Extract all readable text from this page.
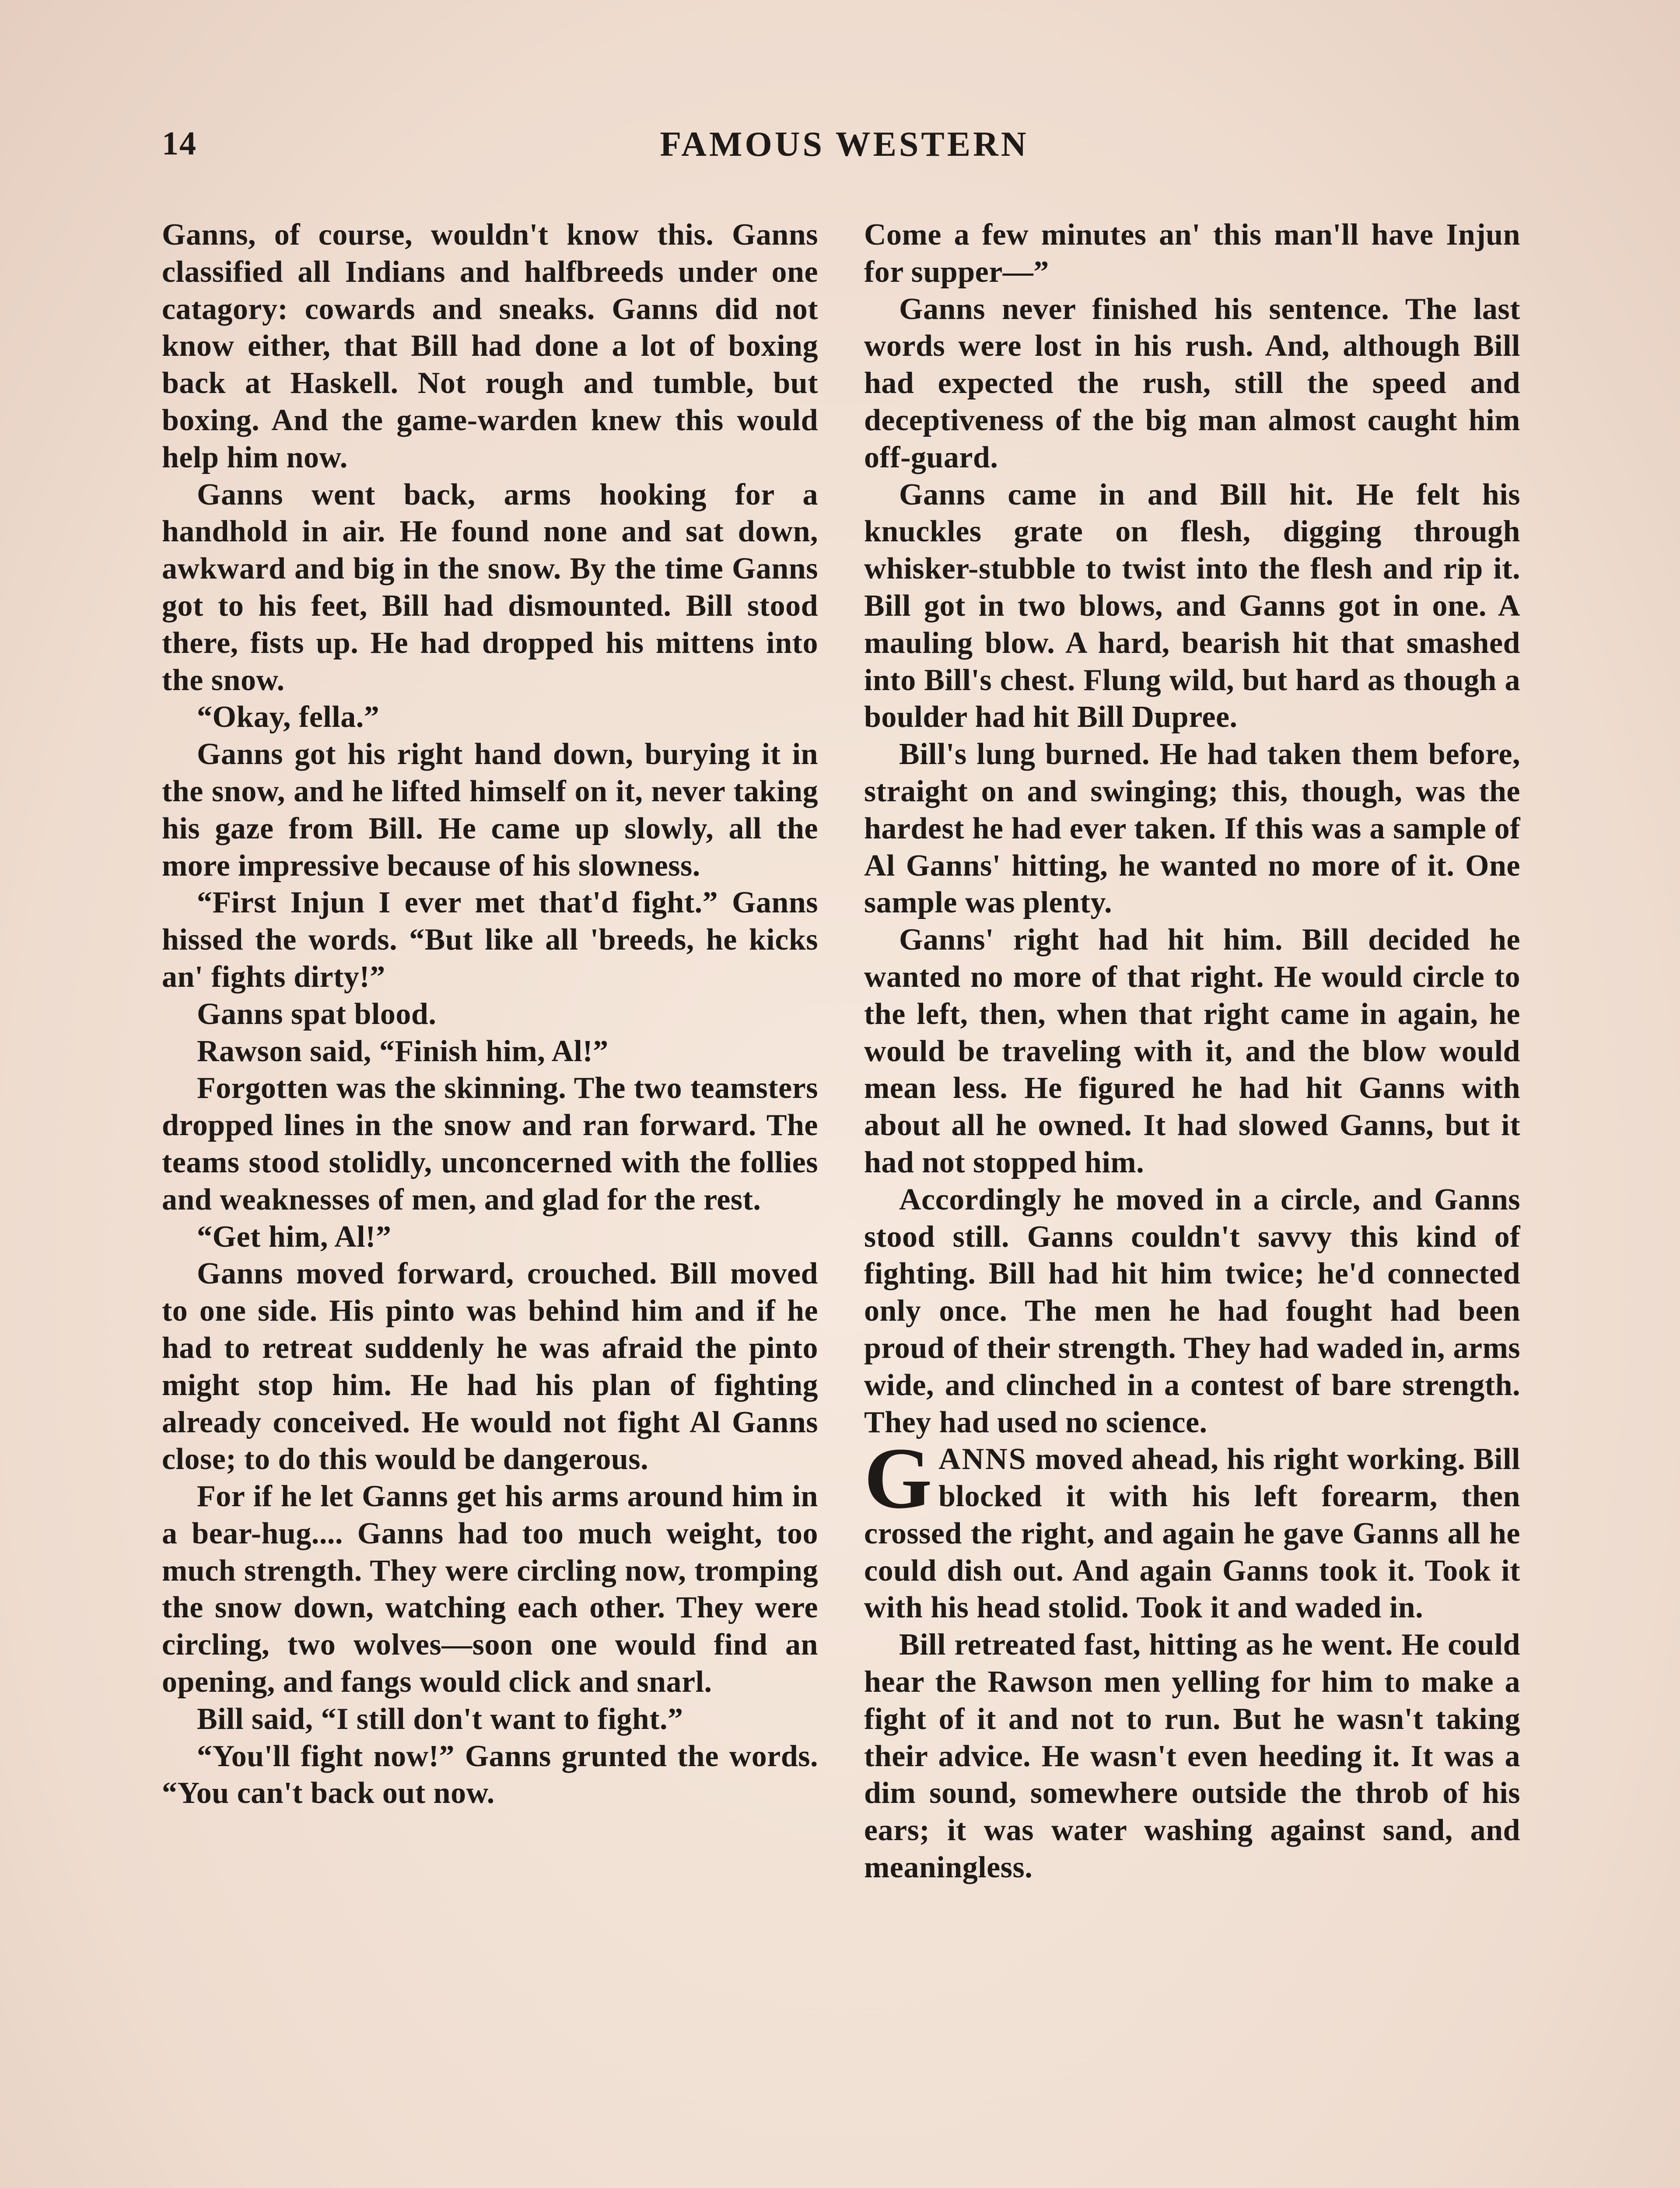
14	FAMOUS WESTERN

Ganns, of course, wouldn't know this. Ganns classified all Indians and halfbreeds under one catagory: cowards and sneaks. Ganns did not know either, that Bill had done a lot of boxing back at Haskell. Not rough and tumble, but boxing. And the game-warden knew this would help him now.

Ganns went back, arms hooking for a handhold in air. He found none and sat down, awkward and big in the snow. By the time Ganns got to his feet, Bill had dismounted. Bill stood there, fists up. He had dropped his mittens into the snow.

“Okay, fella.”

Ganns got his right hand down, burying it in the snow, and he lifted himself on it, never taking his gaze from Bill. He came up slowly, all the more impressive because of his slowness.

“First Injun I ever met that'd fight.” Ganns hissed the words. “But like all 'breeds, he kicks an' fights dirty!”

Ganns spat blood.

Rawson said, “Finish him, Al!”

Forgotten was the skinning. The two teamsters dropped lines in the snow and ran forward. The teams stood stolidly, unconcerned with the follies and weaknesses of men, and glad for the rest.

“Get him, Al!”

Ganns moved forward, crouched. Bill moved to one side. His pinto was behind him and if he had to retreat suddenly he was afraid the pinto might stop him. He had his plan of fighting already conceived. He would not fight Al Ganns close; to do this would be dangerous.

For if he let Ganns get his arms around him in a bear-hug.... Ganns had too much weight, too much strength. They were circling now, tromping the snow down, watching each other. They were circling, two wolves—soon one would find an opening, and fangs would click and snarl.

Bill said, “I still don't want to fight.”

“You'll fight now!” Ganns grunted the words. “You can't back out now.

Come a few minutes an' this man'll have Injun for supper—”

Ganns never finished his sentence. The last words were lost in his rush. And, although Bill had expected the rush, still the speed and deceptiveness of the big man almost caught him off-guard.

Ganns came in and Bill hit. He felt his knuckles grate on flesh, digging through whisker-stubble to twist into the flesh and rip it. Bill got in two blows, and Ganns got in one. A mauling blow. A hard, bearish hit that smashed into Bill's chest. Flung wild, but hard as though a boulder had hit Bill Dupree.

Bill's lung burned. He had taken them before, straight on and swinging; this, though, was the hardest he had ever taken. If this was a sample of Al Ganns' hitting, he wanted no more of it. One sample was plenty.

Ganns' right had hit him. Bill decided he wanted no more of that right. He would circle to the left, then, when that right came in again, he would be traveling with it, and the blow would mean less. He figured he had hit Ganns with about all he owned. It had slowed Ganns, but it had not stopped him.

Accordingly he moved in a circle, and Ganns stood still. Ganns couldn't savvy this kind of fighting. Bill had hit him twice; he'd connected only once. The men he had fought had been proud of their strength. They had waded in, arms wide, and clinched in a contest of bare strength. They had used no science.

GANNS moved ahead, his right working. Bill blocked it with his left forearm, then crossed the right, and again he gave Ganns all he could dish out. And again Ganns took it. Took it with his head stolid. Took it and waded in.

Bill retreated fast, hitting as he went. He could hear the Rawson men yelling for him to make a fight of it and not to run. But he wasn't taking their advice. He wasn't even heeding it. It was a dim sound, somewhere outside the throb of his ears; it was water washing against sand, and meaningless.
